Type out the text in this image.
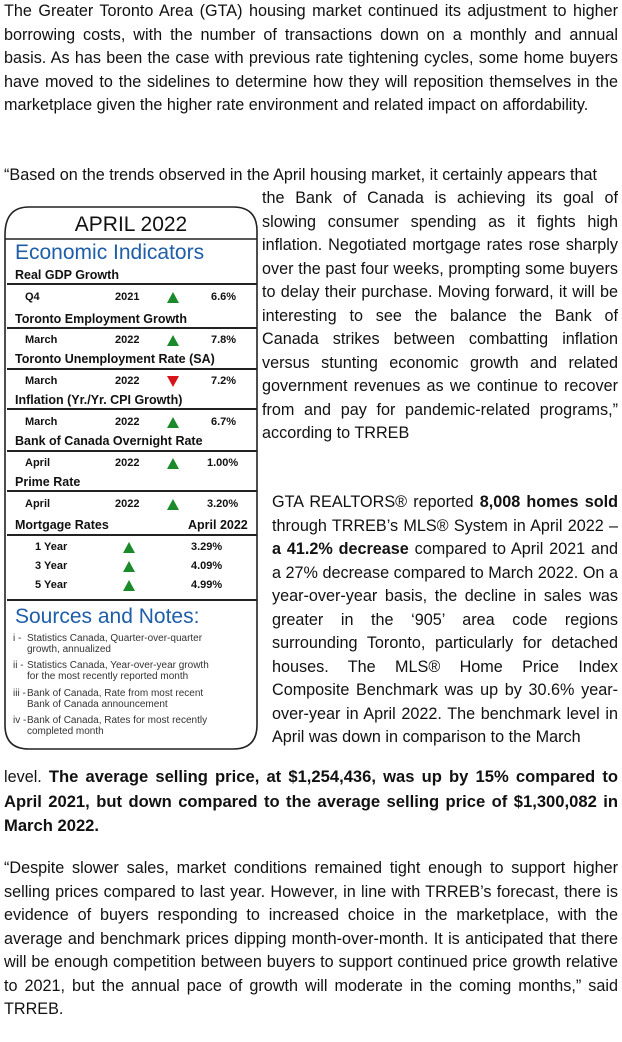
The Greater Toronto Area (GTA) housing market continued its adjustment to higher borrowing costs, with the number of transactions down on a monthly and annual basis. As has been the case with previous rate tightening cycles, some home buyers have moved to the sidelines to determine how they will reposition themselves in the marketplace given the higher rate environment and related impact on affordability.

“Based on the trends observed in the April housing market, it certainly appears that

the Bank of Canada is achieving its goal of slowing consumer spending as it fights high inflation. Negotiated mortgage rates rose sharply over the past four weeks, prompting some buyers to delay their purchase. Moving forward, it will be interesting to see the balance the Bank of Canada strikes between combatting inflation versus stunting economic growth and related government revenues as we continue to recover from and pay for pandemic-related programs,” according to TRREB

GTA REALTORS® reported 8,008 homes sold through TRREB’s MLS® System in April 2022 – a 41.2% decrease compared to April 2021 and a 27% decrease compared to March 2022. On a year-over-year basis, the decline in sales was greater in the ‘905’ area code regions surrounding Toronto, particularly for detached houses. The MLS® Home Price Index Composite Benchmark was up by 30.6% year-over-year in April 2022. The benchmark level in April was down in comparison to the March

level. The average selling price, at $1,254,436, was up by 15% compared to April 2021, but down compared to the average selling price of $1,300,082 in March 2022.

“Despite slower sales, market conditions remained tight enough to support higher selling prices compared to last year. However, in line with TRREB’s forecast, there is evidence of buyers responding to increased choice in the marketplace, with the average and benchmark prices dipping month-over-month. It is anticipated that there will be enough competition between buyers to support continued price growth relative to 2021, but the annual pace of growth will moderate in the coming months,” said TRREB.

APRIL 2022
Economic Indicators
Real GDP Growth
Q4	2021	6.6%
Toronto Employment Growth
March	2022	7.8%
Toronto Unemployment Rate (SA)
March	2022	7.2%
Inflation (Yr./Yr. CPI Growth)
March	2022	6.7%
Bank of Canada Overnight Rate
April	2022	1.00%
Prime Rate
April	2022	3.20%
Mortgage Rates	April 2022
1 Year	3.29%
3 Year	4.09%
5 Year	4.99%
Sources and Notes:
i - Statistics Canada, Quarter-over-quarter
growth, annualized
ii - Statistics Canada, Year-over-year growth
for the most recently reported month
iii -Bank of Canada, Rate from most recent
Bank of Canada announcement
iv -Bank of Canada, Rates for most recently
completed month
